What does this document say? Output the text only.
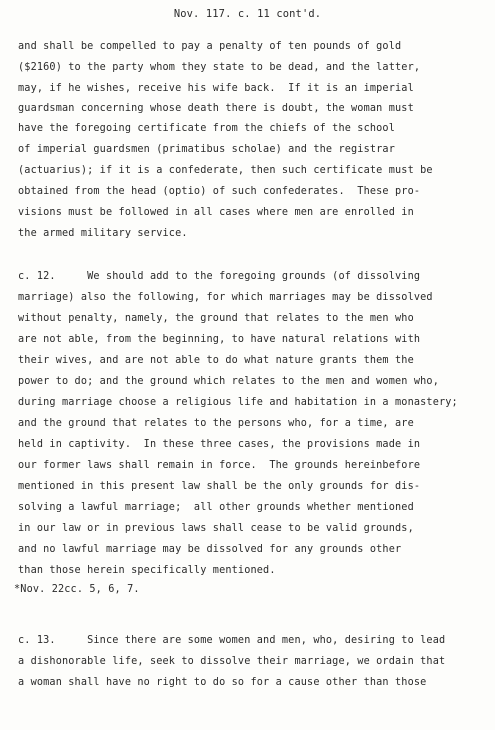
Nov. 117. c. 11 cont'd.
and shall be compelled to pay a penalty of ten pounds of gold
($2160) to the party whom they state to be dead, and the latter,
may, if he wishes, receive his wife back.  If it is an imperial
guardsman concerning whose death there is doubt, the woman must
have the foregoing certificate from the chiefs of the school
of imperial guardsmen (primatibus scholae) and the registrar
(actuarius); if it is a confederate, then such certificate must be
obtained from the head (optio) of such confederates.  These pro-
visions must be followed in all cases where men are enrolled in
the armed military service.
c. 12.     We should add to the foregoing grounds (of dissolving
marriage) also the following, for which marriages may be dissolved
without penalty, namely, the ground that relates to the men who
are not able, from the beginning, to have natural relations with
their wives, and are not able to do what nature grants them the
power to do; and the ground which relates to the men and women who,
during marriage choose a religious life and habitation in a monastery;
and the ground that relates to the persons who, for a time, are
held in captivity.  In these three cases, the provisions made in
our former laws shall remain in force.  The grounds hereinbefore
mentioned in this present law shall be the only grounds for dis-
solving a lawful marriage;  all other grounds whether mentioned
in our law or in previous laws shall cease to be valid grounds,
and no lawful marriage may be dissolved for any grounds other
than those herein specifically mentioned.
*Nov. 22cc. 5, 6, 7.
c. 13.     Since there are some women and men, who, desiring to lead
a dishonorable life, seek to dissolve their marriage, we ordain that
a woman shall have no right to do so for a cause other than those
